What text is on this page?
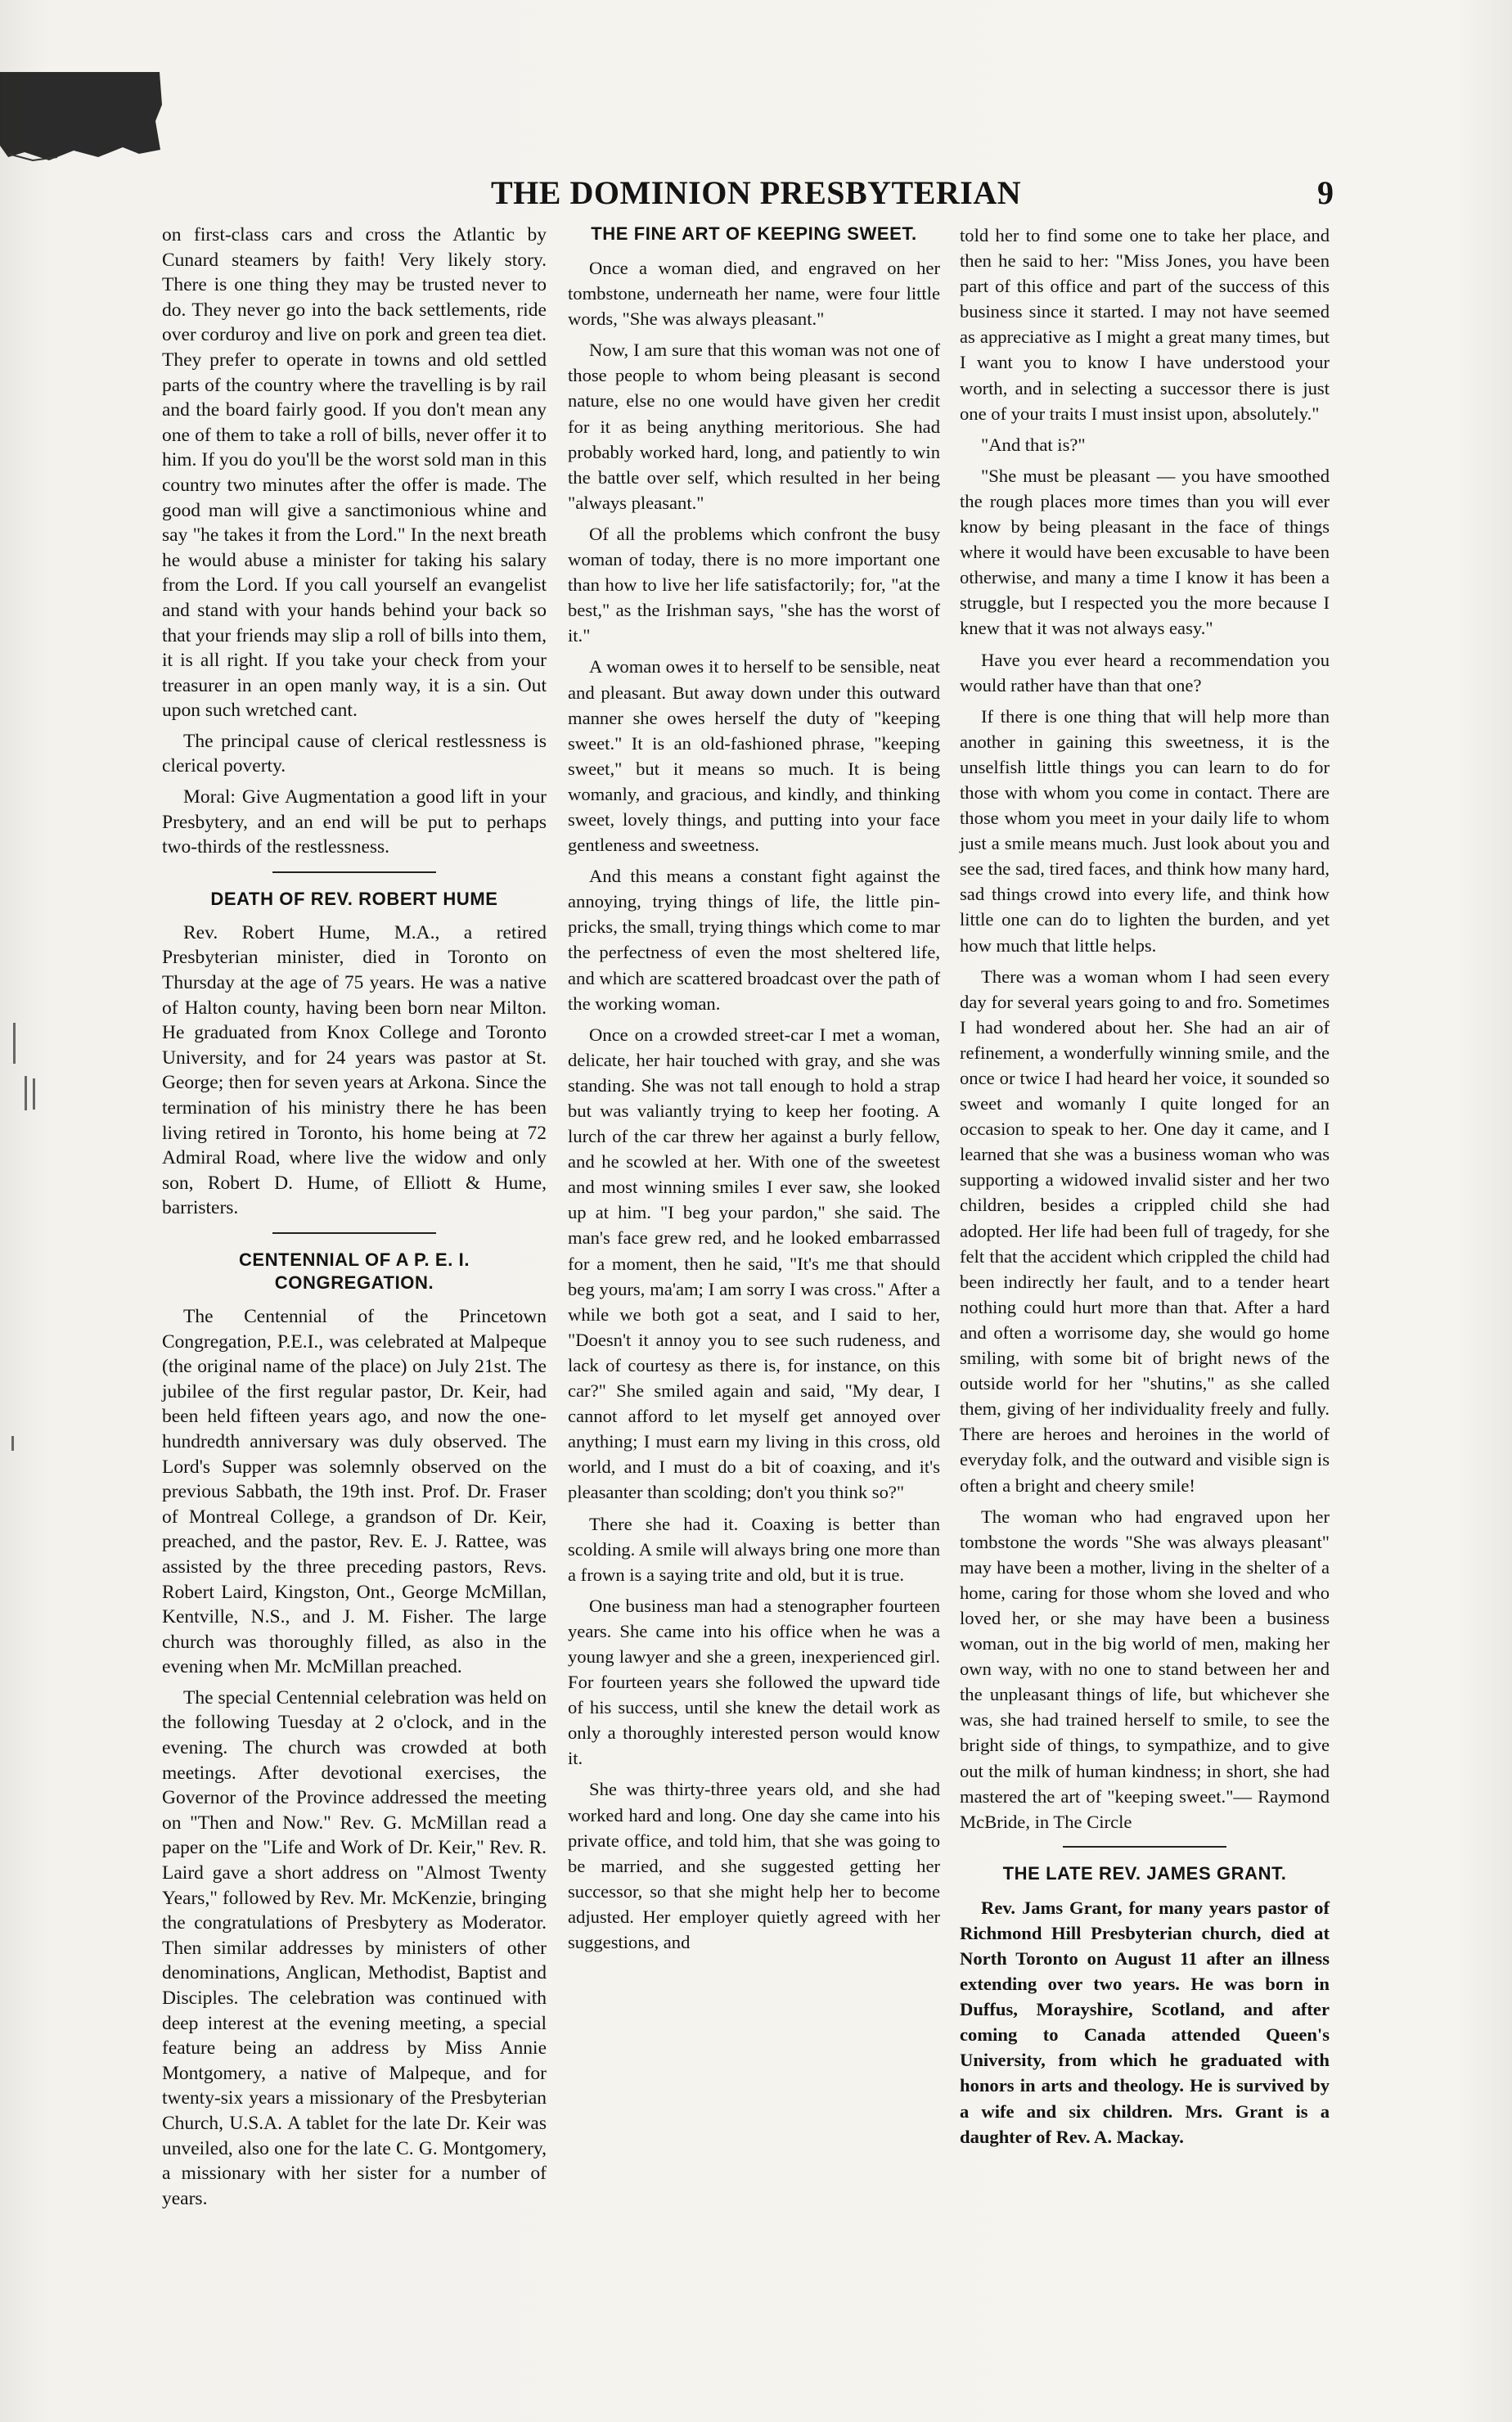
THE DOMINION PRESBYTERIAN	9

on first-class cars and cross the Atlantic by Cunard steamers by faith! Very likely story. There is one thing they may be trusted never to do. They never go into the back settlements, ride over corduroy and live on pork and green tea diet. They prefer to operate in towns and old settled parts of the country where the travelling is by rail and the board fairly good. If you don't mean any one of them to take a roll of bills, never offer it to him. If you do you'll be the worst sold man in this country two minutes after the offer is made. The good man will give a sanctimonious whine and say "he takes it from the Lord." In the next breath he would abuse a minister for taking his salary from the Lord. If you call yourself an evangelist and stand with your hands behind your back so that your friends may slip a roll of bills into them, it is all right. If you take your check from your treasurer in an open manly way, it is a sin. Out upon such wretched cant.

The principal cause of clerical restlessness is clerical poverty.

Moral: Give Augmentation a good lift in your Presbytery, and an end will be put to perhaps two-thirds of the restlessness.

DEATH OF REV. ROBERT HUME

Rev. Robert Hume, M.A., a retired Presbyterian minister, died in Toronto on Thursday at the age of 75 years. He was a native of Halton county, having been born near Milton. He graduated from Knox College and Toronto University, and for 24 years was pastor at St. George; then for seven years at Arkona. Since the termination of his ministry there he has been living retired in Toronto, his home being at 72 Admiral Road, where live the widow and only son, Robert D. Hume, of Elliott & Hume, barristers.

CENTENNIAL OF A P. E. I. CONGREGATION.

The Centennial of the Princetown Congregation, P.E.I., was celebrated at Malpeque (the original name of the place) on July 21st. The jubilee of the first regular pastor, Dr. Keir, had been held fifteen years ago, and now the one-hundredth anniversary was duly observed. The Lord's Supper was solemnly observed on the previous Sabbath, the 19th inst. Prof. Dr. Fraser of Montreal College, a grandson of Dr. Keir, preached, and the pastor, Rev. E. J. Rattee, was assisted by the three preceding pastors, Revs. Robert Laird, Kingston, Ont., George McMillan, Kentville, N.S., and J. M. Fisher. The large church was thoroughly filled, as also in the evening when Mr. McMillan preached.

The special Centennial celebration was held on the following Tuesday at 2 o'clock, and in the evening. The church was crowded at both meetings. After devotional exercises, the Governor of the Province addressed the meeting on "Then and Now." Rev. G. McMillan read a paper on the "Life and Work of Dr. Keir," Rev. R. Laird gave a short address on "Almost Twenty Years," followed by Rev. Mr. McKenzie, bringing the congratulations of Presbytery as Moderator. Then similar addresses by ministers of other denominations, Anglican, Methodist, Baptist and Disciples. The celebration was continued with deep interest at the evening meeting, a special feature being an address by Miss Annie Montgomery, a native of Malpeque, and for twenty-six years a missionary of the Presbyterian Church, U.S.A. A tablet for the late Dr. Keir was unveiled, also one for the late C. G. Montgomery, a missionary with her sister for a number of years.

THE FINE ART OF KEEPING SWEET.

Once a woman died, and engraved on her tombstone, underneath her name, were four little words, "She was always pleasant."

Now, I am sure that this woman was not one of those people to whom being pleasant is second nature, else no one would have given her credit for it as being anything meritorious. She had probably worked hard, long, and patiently to win the battle over self, which resulted in her being "always pleasant."

Of all the problems which confront the busy woman of today, there is no more important one than how to live her life satisfactorily; for, "at the best," as the Irishman says, "she has the worst of it."

A woman owes it to herself to be sensible, neat and pleasant. But away down under this outward manner she owes herself the duty of "keeping sweet." It is an old-fashioned phrase, "keeping sweet," but it means so much. It is being womanly, and gracious, and kindly, and thinking sweet, lovely things, and putting into your face gentleness and sweetness.

And this means a constant fight against the annoying, trying things of life, the little pin-pricks, the small, trying things which come to mar the perfectness of even the most sheltered life, and which are scattered broadcast over the path of the working woman.

Once on a crowded street-car I met a woman, delicate, her hair touched with gray, and she was standing. She was not tall enough to hold a strap but was valiantly trying to keep her footing. A lurch of the car threw her against a burly fellow, and he scowled at her. With one of the sweetest and most winning smiles I ever saw, she looked up at him. "I beg your pardon," she said. The man's face grew red, and he looked embarrassed for a moment, then he said, "It's me that should beg yours, ma'am; I am sorry I was cross." After a while we both got a seat, and I said to her, "Doesn't it annoy you to see such rudeness, and lack of courtesy as there is, for instance, on this car?" She smiled again and said, "My dear, I cannot afford to let myself get annoyed over anything; I must earn my living in this cross, old world, and I must do a bit of coaxing, and it's pleasanter than scolding; don't you think so?"

There she had it. Coaxing is better than scolding. A smile will always bring one more than a frown is a saying trite and old, but it is true.

One business man had a stenographer fourteen years. She came into his office when he was a young lawyer and she a green, inexperienced girl. For fourteen years she followed the upward tide of his success, until she knew the detail work as only a thoroughly interested person would know it.

She was thirty-three years old, and she had worked hard and long. One day she came into his private office, and told him, that she was going to be married, and she suggested getting her successor, so that she might help her to become adjusted. Her employer quietly agreed with her suggestions, and

told her to find some one to take her place, and then he said to her: "Miss Jones, you have been part of this office and part of the success of this business since it started. I may not have seemed as appreciative as I might a great many times, but I want you to know I have understood your worth, and in selecting a successor there is just one of your traits I must insist upon, absolutely."

"And that is?"

"She must be pleasant — you have smoothed the rough places more times than you will ever know by being pleasant in the face of things where it would have been excusable to have been otherwise, and many a time I know it has been a struggle, but I respected you the more because I knew that it was not always easy."

Have you ever heard a recommendation you would rather have than that one?

If there is one thing that will help more than another in gaining this sweetness, it is the unselfish little things you can learn to do for those with whom you come in contact. There are those whom you meet in your daily life to whom just a smile means much. Just look about you and see the sad, tired faces, and think how many hard, sad things crowd into every life, and think how little one can do to lighten the burden, and yet how much that little helps.

There was a woman whom I had seen every day for several years going to and fro. Sometimes I had wondered about her. She had an air of refinement, a wonderfully winning smile, and the once or twice I had heard her voice, it sounded so sweet and womanly I quite longed for an occasion to speak to her. One day it came, and I learned that she was a business woman who was supporting a widowed invalid sister and her two children, besides a crippled child she had adopted. Her life had been full of tragedy, for she felt that the accident which crippled the child had been indirectly her fault, and to a tender heart nothing could hurt more than that. After a hard and often a worrisome day, she would go home smiling, with some bit of bright news of the outside world for her "shutins," as she called them, giving of her individuality freely and fully. There are heroes and heroines in the world of everyday folk, and the outward and visible sign is often a bright and cheery smile!

The woman who had engraved upon her tombstone the words "She was always pleasant" may have been a mother, living in the shelter of a home, caring for those whom she loved and who loved her, or she may have been a business woman, out in the big world of men, making her own way, with no one to stand between her and the unpleasant things of life, but whichever she was, she had trained herself to smile, to see the bright side of things, to sympathize, and to give out the milk of human kindness; in short, she had mastered the art of "keeping sweet."— Raymond McBride, in The Circle

THE LATE REV. JAMES GRANT.

Rev. Jams Grant, for many years pastor of Richmond Hill Presbyterian church, died at North Toronto on August 11 after an illness extending over two years. He was born in Duffus, Morayshire, Scotland, and after coming to Canada attended Queen's University, from which he graduated with honors in arts and theology. He is survived by a wife and six children. Mrs. Grant is a daughter of Rev. A. Mackay.
